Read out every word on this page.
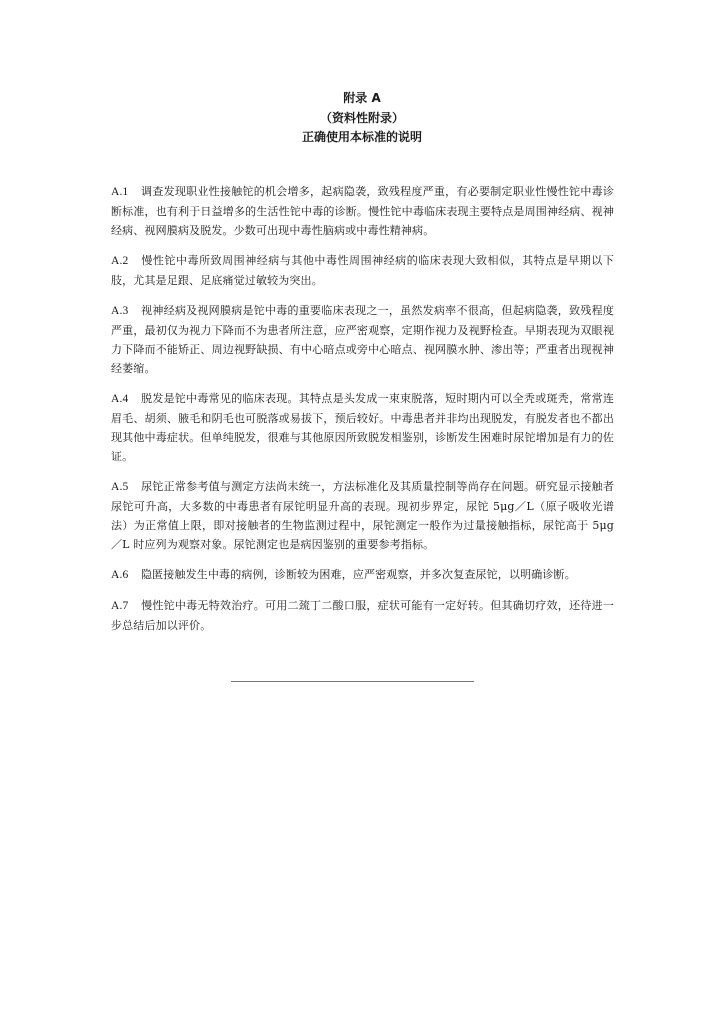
附录 A

（资料性附录）

正确使用本标准的说明

A.1 调查发现职业性接触铊的机会增多，起病隐袭，致残程度严重，有必要制定职业性慢性铊中毒诊断标准，也有利于日益增多的生活性铊中毒的诊断。慢性铊中毒临床表现主要特点是周围神经病、视神经病、视网膜病及脱发。少数可出现中毒性脑病或中毒性精神病。

A.2 慢性铊中毒所致周围神经病与其他中毒性周围神经病的临床表现大致相似，其特点是早期以下肢，尤其是足跟、足底痛觉过敏较为突出。

A.3 视神经病及视网膜病是铊中毒的重要临床表现之一，虽然发病率不很高，但起病隐袭，致残程度严重，最初仅为视力下降而不为患者所注意，应严密观察，定期作视力及视野检查。早期表现为双眼视力下降而不能矫正、周边视野缺损、有中心暗点或旁中心暗点、视网膜水肿、渗出等；严重者出现视神经萎缩。

A.4 脱发是铊中毒常见的临床表现。其特点是头发成一束束脱落，短时期内可以全秃或斑秃，常常连眉毛、胡须、腋毛和阴毛也可脱落或易拔下，预后较好。中毒患者并非均出现脱发，有脱发者也不都出现其他中毒症状。但单纯脱发，很难与其他原因所致脱发相鉴别，诊断发生困难时尿铊增加是有力的佐证。

A.5 尿铊正常参考值与测定方法尚未统一，方法标准化及其质量控制等尚存在问题。研究显示接触者尿铊可升高，大多数的中毒患者有尿铊明显升高的表现。现初步界定，尿铊 5μg／L（原子吸收光谱法）为正常值上限，即对接触者的生物监测过程中，尿铊测定一般作为过量接触指标，尿铊高于 5μg／L 时应列为观察对象。尿铊测定也是病因鉴别的重要参考指标。

A.6 隐匿接触发生中毒的病例，诊断较为困难，应严密观察，并多次复查尿铊，以明确诊断。

A.7 慢性铊中毒无特效治疗。可用二巯丁二酸口服，症状可能有一定好转。但其确切疗效，还待进一步总结后加以评价。
